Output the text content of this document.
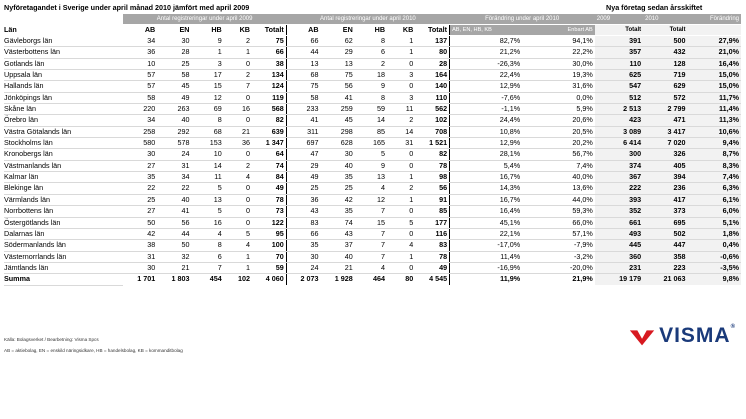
Nyföretagandet i Sverige under april månad 2010 jämfört med april 2009	Nya företag sedan årsskiftet
	Antal registreringar under april 2009					Antal registreringar under april 2010					Förändring under april 2010		2009	2010	Förändring
Län	AB	EN	HB	KB	Totalt	AB	EN	HB	KB	Totalt	AB, EN, HB, KB	Enbart AB	Totalt	Totalt	
Gävleborgs län	34	30	9	2	75	66	62	8	1	137	82,7%	94,1%	391	500	27,9%
Västerbottens län	36	28	1	1	66	44	29	6	1	80	21,2%	22,2%	357	432	21,0%
Gotlands län	10	25	3	0	38	13	13	2	0	28	-26,3%	30,0%	110	128	16,4%
Uppsala län	57	58	17	2	134	68	75	18	3	164	22,4%	19,3%	625	719	15,0%
Hallands län	57	45	15	7	124	75	56	9	0	140	12,9%	31,6%	547	629	15,0%
Jönköpings län	58	49	12	0	119	58	41	8	3	110	-7,6%	0,0%	512	572	11,7%
Skåne län	220	263	69	16	568	233	259	59	11	562	-1,1%	5,9%	2 513	2 799	11,4%
Örebro län	34	40	8	0	82	41	45	14	2	102	24,4%	20,6%	423	471	11,3%
Västra Götalands län	258	292	68	21	639	311	298	85	14	708	10,8%	20,5%	3 089	3 417	10,6%
Stockholms län	580	578	153	36	1 347	697	628	165	31	1 521	12,9%	20,2%	6 414	7 020	9,4%
Kronobergs län	30	24	10	0	64	47	30	5	0	82	28,1%	56,7%	300	326	8,7%
Västmanlands län	27	31	14	2	74	29	40	9	0	78	5,4%	7,4%	374	405	8,3%
Kalmar län	35	34	11	4	84	49	35	13	1	98	16,7%	40,0%	367	394	7,4%
Blekinge län	22	22	5	0	49	25	25	4	2	56	14,3%	13,6%	222	236	6,3%
Värmlands län	25	40	13	0	78	36	42	12	1	91	16,7%	44,0%	393	417	6,1%
Norrbottens län	27	41	5	0	73	43	35	7	0	85	16,4%	59,3%	352	373	6,0%
Östergötlands län	50	56	16	0	122	83	74	15	5	177	45,1%	66,0%	661	695	5,1%
Dalarnas län	42	44	4	5	95	66	43	7	0	116	22,1%	57,1%	493	502	1,8%
Södermanlands län	38	50	8	4	100	35	37	7	4	83	-17,0%	-7,9%	445	447	0,4%
Västernorrlands län	31	32	6	1	70	30	40	7	1	78	11,4%	-3,2%	360	358	-0,6%
Jämtlands län	30	21	7	1	59	24	21	4	0	49	-16,9%	-20,0%	231	223	-3,5%
Summa	1 701	1 803	454	102	4 060	2 073	1 928	464	80	4 545	11,9%	21,9%	19 179	21 063	9,8%
Källa: Bolagsverket / Bearbetning: Visma Spcs
AB = aktiebolag, EN = enskild näringsidkare, HB = handelsbolag, KB = kommanditbolag
VISMA®
